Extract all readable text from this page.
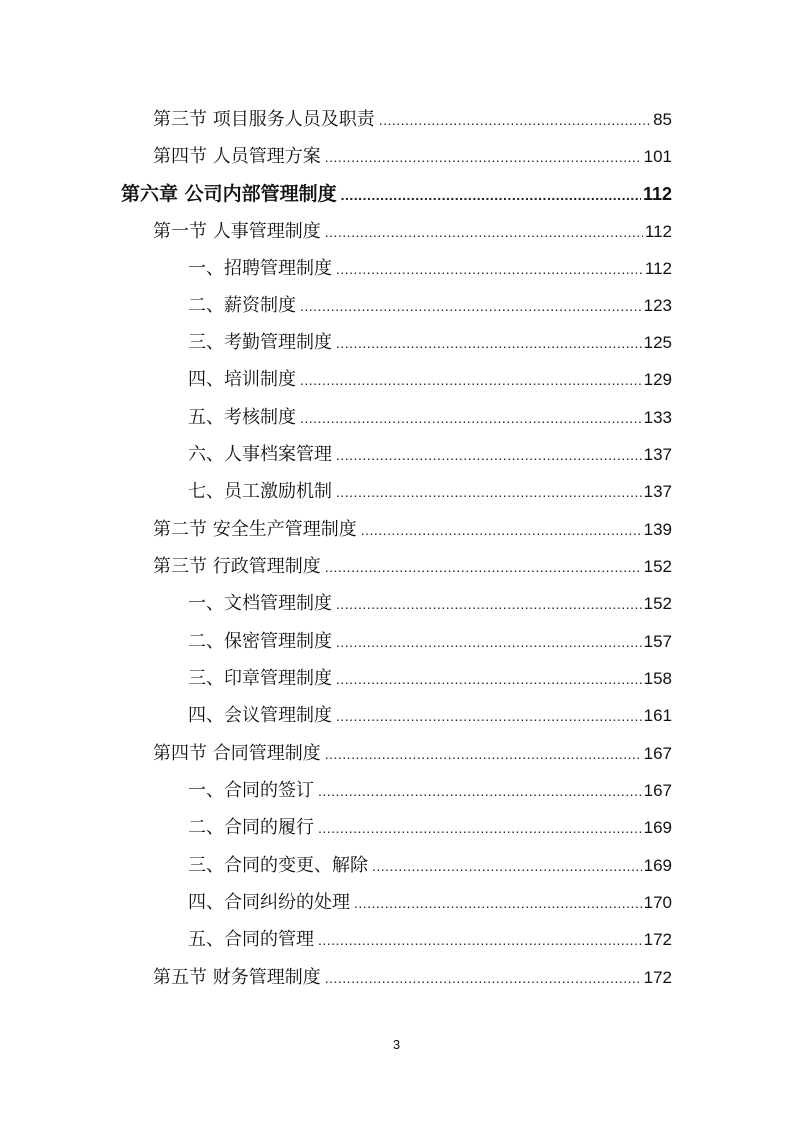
第三节 项目服务人员及职责 .....	85
第四节 人员管理方案 .....	101
第六章 公司内部管理制度 .....	112
第一节 人事管理制度 .....	112
一、招聘管理制度 .....	112
二、薪资制度 .....	123
三、考勤管理制度 .....	125
四、培训制度 .....	129
五、考核制度 .....	133
六、人事档案管理 .....	137
七、员工激励机制 .....	137
第二节 安全生产管理制度 .....	139
第三节 行政管理制度 .....	152
一、文档管理制度 .....	152
二、保密管理制度 .....	157
三、印章管理制度 .....	158
四、会议管理制度 .....	161
第四节 合同管理制度 .....	167
一、合同的签订 .....	167
二、合同的履行 .....	169
三、合同的变更、解除 .....	169
四、合同纠纷的处理 .....	170
五、合同的管理 .....	172
第五节 财务管理制度 .....	172
3
